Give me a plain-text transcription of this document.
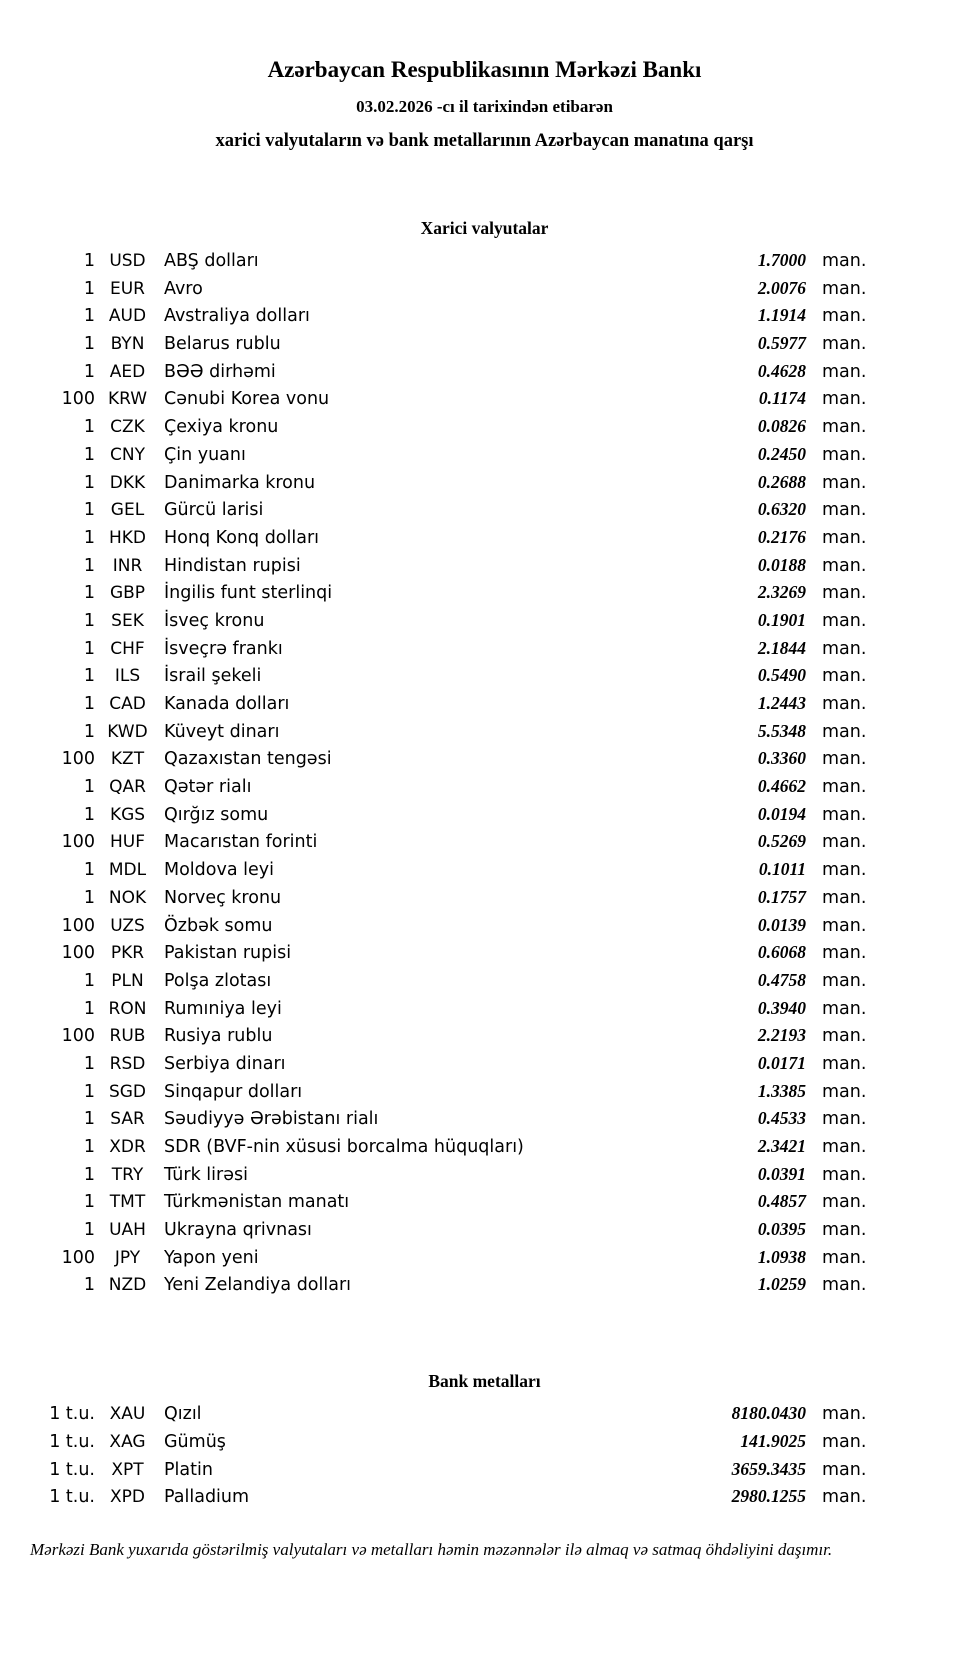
Azərbaycan Respublikasının Mərkəzi Bankı
03.02.2026 -cı il tarixindən etibarən
xarici valyutaların və bank metallarının Azərbaycan manatına qarşı
Xarici valyutalar
1 USD	ABŞ dolları	1.7000 man.
1 EUR	Avro	2.0076 man.
1 AUD	Avstraliya dolları	1.1914 man.
1 BYN	Belarus rublu	0.5977 man.
1 AED	BƏƏ dirhəmi	0.4628 man.
100 KRW Cənubi Korea vonu	0.1174 man.
1 CZK	Çexiya kronu	0.0826 man.
1 CNY	Çin yuanı	0.2450 man.
1 DKK	Danimarka kronu	0.2688 man.
1 GEL	Gürcü larisi	0.6320 man.
1 HKD	Honq Konq dolları	0.2176 man.
1	INR	Hindistan rupisi	0.0188 man.
1 GBP	İngilis funt sterlinqi	2.3269 man.
1 SEK	İsveç kronu	0.1901 man.
1 CHF	İsveçrə frankı	2.1844 man.
1	ILS	İsrail şekeli	0.5490 man.
1 CAD	Kanada dolları	1.2443 man.
1 KWD Küveyt dinarı	5.5348 man.
100 KZT	Qazaxıstan tengəsi	0.3360 man.
1 QAR	Qətər rialı	0.4662 man.
1 KGS	Qırğız somu	0.0194 man.
100 HUF	Macarıstan forinti	0.5269 man.
1 MDL	Moldova leyi	0.1011 man.
1 NOK	Norveç kronu	0.1757 man.
100 UZS	Özbək somu	0.0139 man.
100 PKR	Pakistan rupisi	0.6068 man.
1 PLN	Polşa zlotası	0.4758 man.
1 RON	Rumıniya leyi	0.3940 man.
100 RUB	Rusiya rublu	2.2193 man.
1 RSD	Serbiya dinarı	0.0171 man.
1 SGD	Sinqapur dolları	1.3385 man.
1 SAR	Səudiyyə Ərəbistanı rialı	0.4533 man.
1 XDR	SDR (BVF-nin xüsusi borcalma hüquqları)	2.3421 man.
1 TRY	Türk lirəsi	0.0391 man.
1 TMT	Türkmənistan manatı	0.4857 man.
1 UAH	Ukrayna qrivnası	0.0395 man.
100	JPY	Yapon yeni	1.0938 man.
1 NZD	Yeni Zelandiya dolları	1.0259 man.
Bank metalları
1 t.u. XAU	Qızıl	8180.0430 man.
1 t.u. XAG	Gümüş	141.9025 man.
1 t.u. XPT	Platin	3659.3435 man.
1 t.u. XPD	Palladium	2980.1255 man.

Mərkəzi Bank yuxarıda göstərilmiş valyutaları və metalları həmin məzənnələr ilə almaq və satmaq öhdəliyini daşımır.
